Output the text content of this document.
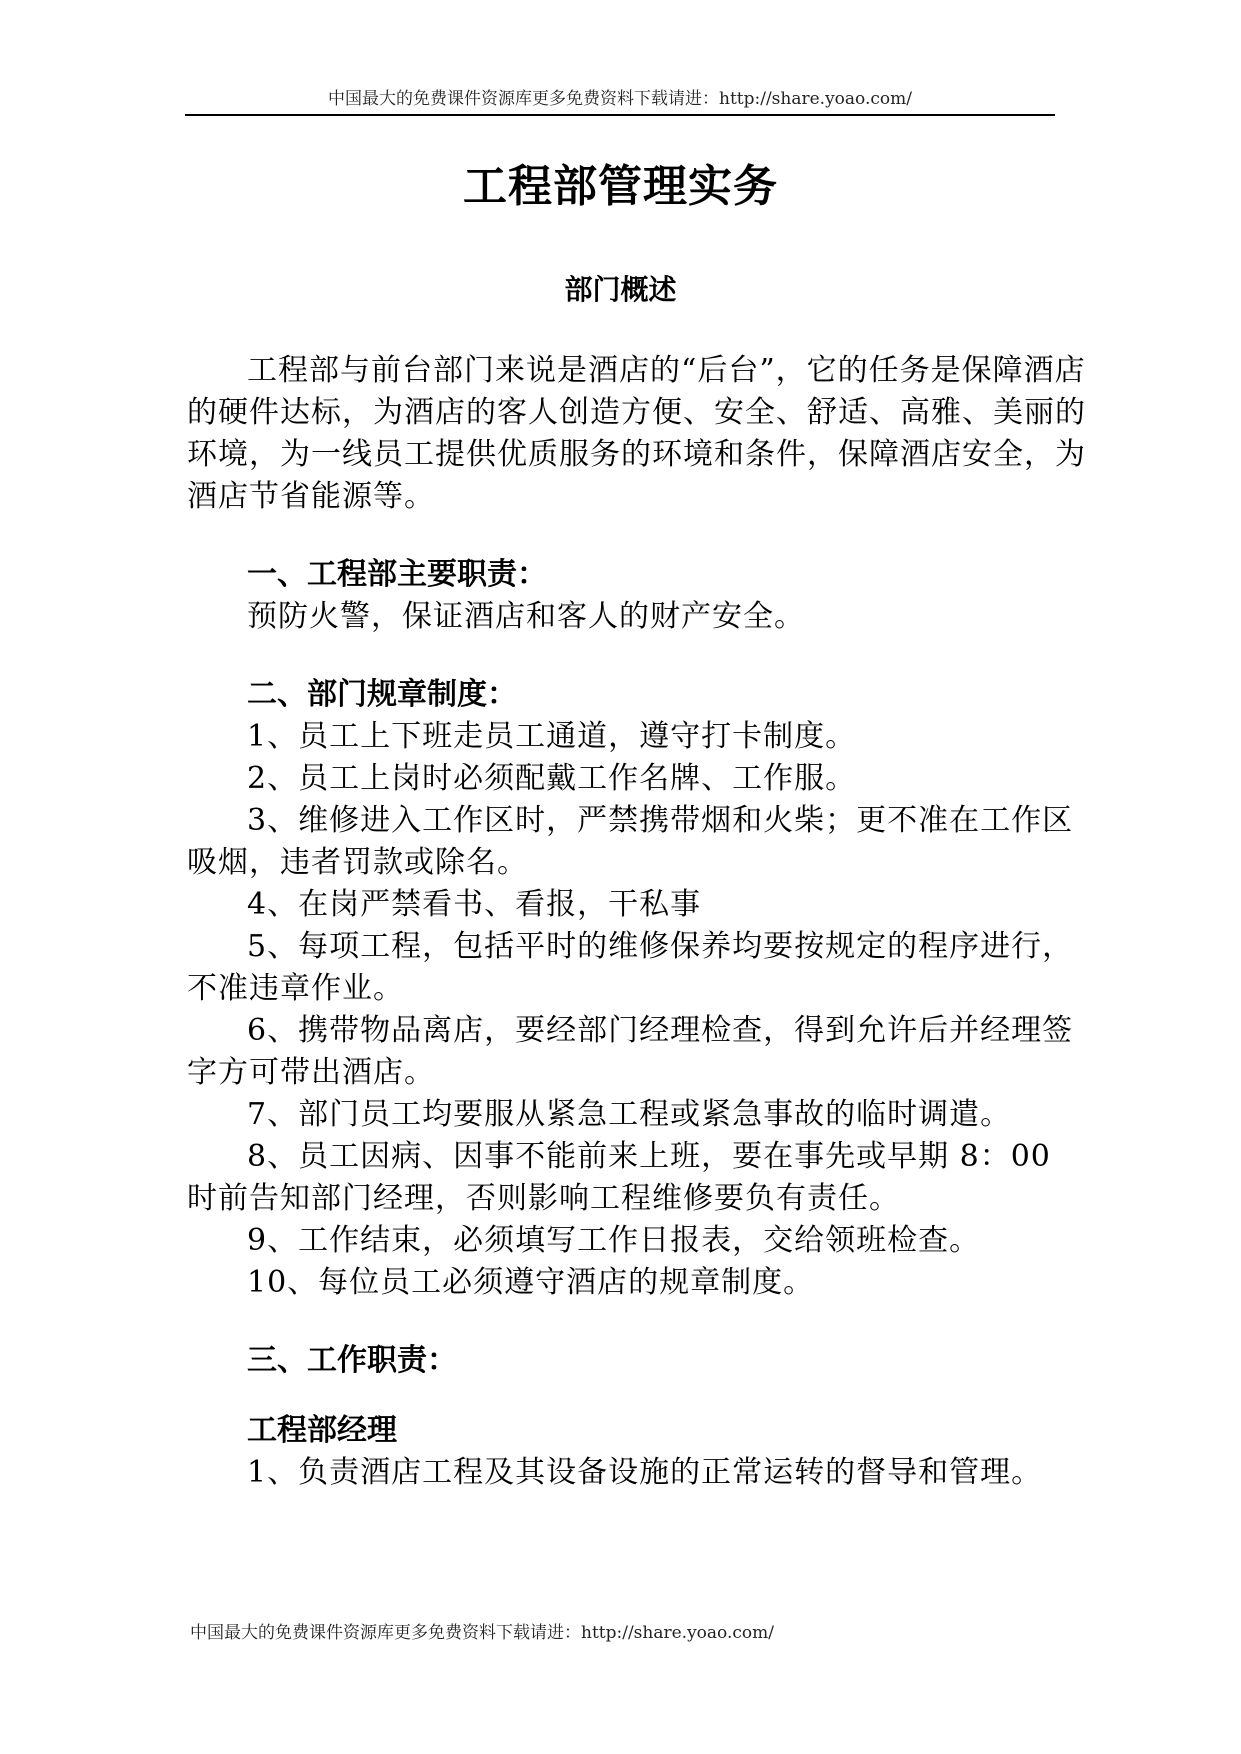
中国最大的免费课件资源库更多免费资料下载请进：http://share.yoao.com/
工程部管理实务
部门概述

工程部与前台部门来说是酒店的“后台”，它的任务是保障酒店的硬件达标，为酒店的客人创造方便、安全、舒适、高雅、美丽的环境，为一线员工提供优质服务的环境和条件，保障酒店安全，为酒店节省能源等。

一、工程部主要职责：

预防火警，保证酒店和客人的财产安全。

二、部门规章制度：

1、员工上下班走员工通道，遵守打卡制度。

2、员工上岗时必须配戴工作名牌、工作服。

3、维修进入工作区时，严禁携带烟和火柴；更不准在工作区吸烟，违者罚款或除名。

4、在岗严禁看书、看报，干私事

5、每项工程，包括平时的维修保养均要按规定的程序进行，不准违章作业。

6、携带物品离店，要经部门经理检查，得到允许后并经理签字方可带出酒店。

7、部门员工均要服从紧急工程或紧急事故的临时调遣。

8、员工因病、因事不能前来上班，要在事先或早期 8：00 时前告知部门经理，否则影响工程维修要负有责任。

9、工作结束，必须填写工作日报表，交给领班检查。

10、每位员工必须遵守酒店的规章制度。

三、工作职责：

工程部经理

1、负责酒店工程及其设备设施的正常运转的督导和管理。

中国最大的免费课件资源库更多免费资料下载请进：http://share.yoao.com/
